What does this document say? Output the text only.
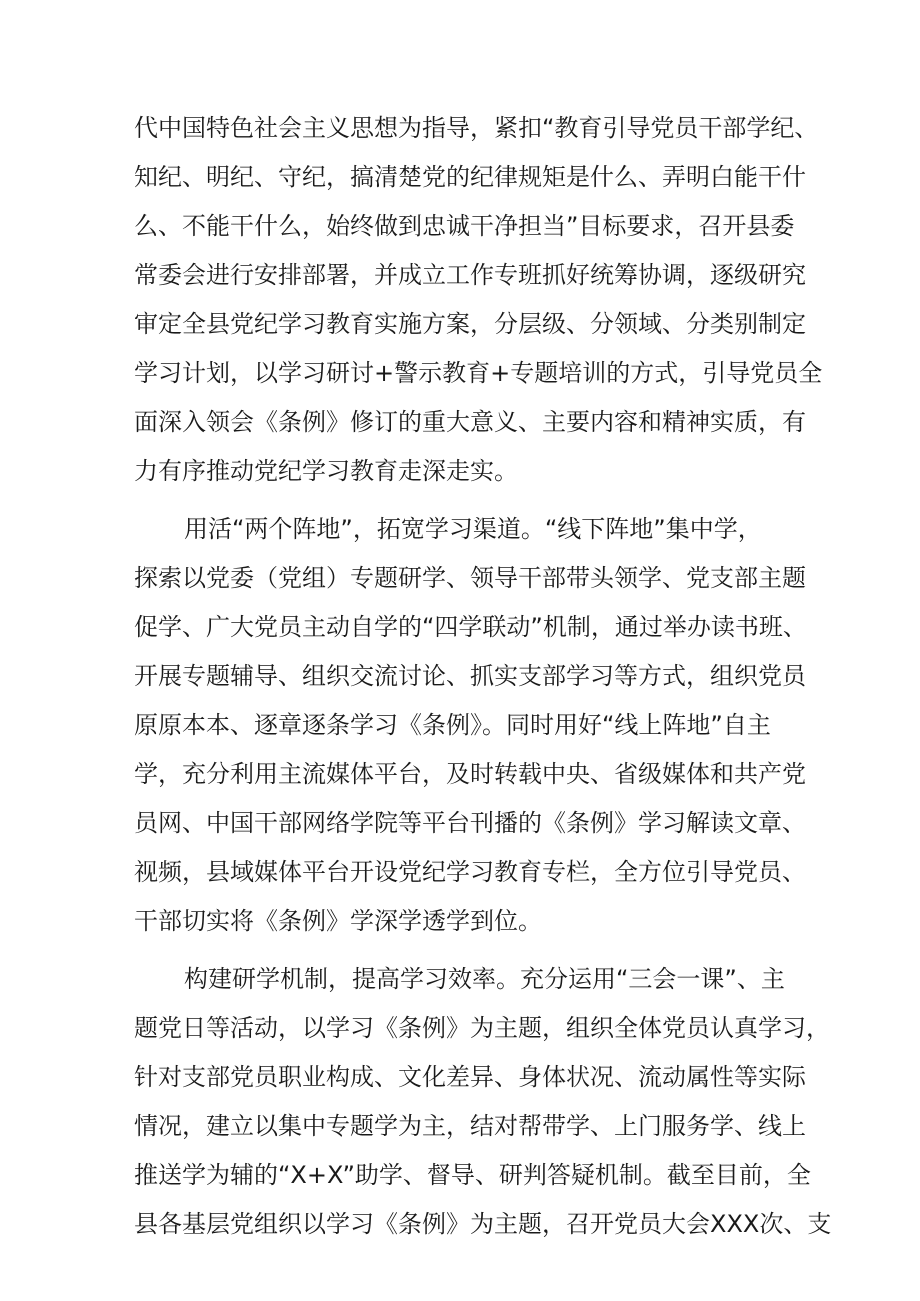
代中国特色社会主义思想为指导，紧扣“教育引导党员干部学纪、

知纪、明纪、守纪，搞清楚党的纪律规矩是什么、弄明白能干什

么、不能干什么，始终做到忠诚干净担当”目标要求，召开县委

常委会进行安排部署，并成立工作专班抓好统筹协调，逐级研究

审定全县党纪学习教育实施方案，分层级、分领域、分类别制定

学习计划，以学习研讨+警示教育+专题培训的方式，引导党员全

面深入领会《条例》修订的重大意义、主要内容和精神实质，有

力有序推动党纪学习教育走深走实。

用活“两个阵地”，拓宽学习渠道。“线下阵地”集中学，

探索以党委（党组）专题研学、领导干部带头领学、党支部主题

促学、广大党员主动自学的“四学联动”机制，通过举办读书班、

开展专题辅导、组织交流讨论、抓实支部学习等方式，组织党员

原原本本、逐章逐条学习《条例》。同时用好“线上阵地”自主

学，充分利用主流媒体平台，及时转载中央、省级媒体和共产党

员网、中国干部网络学院等平台刊播的《条例》学习解读文章、

视频，县域媒体平台开设党纪学习教育专栏，全方位引导党员、

干部切实将《条例》学深学透学到位。

构建研学机制，提高学习效率。充分运用“三会一课”、主

题党日等活动，以学习《条例》为主题，组织全体党员认真学习，

针对支部党员职业构成、文化差异、身体状况、流动属性等实际

情况，建立以集中专题学为主，结对帮带学、上门服务学、线上

推送学为辅的“X+X”助学、督导、研判答疑机制。截至目前，全

县各基层党组织以学习《条例》为主题，召开党员大会XXX次、支
